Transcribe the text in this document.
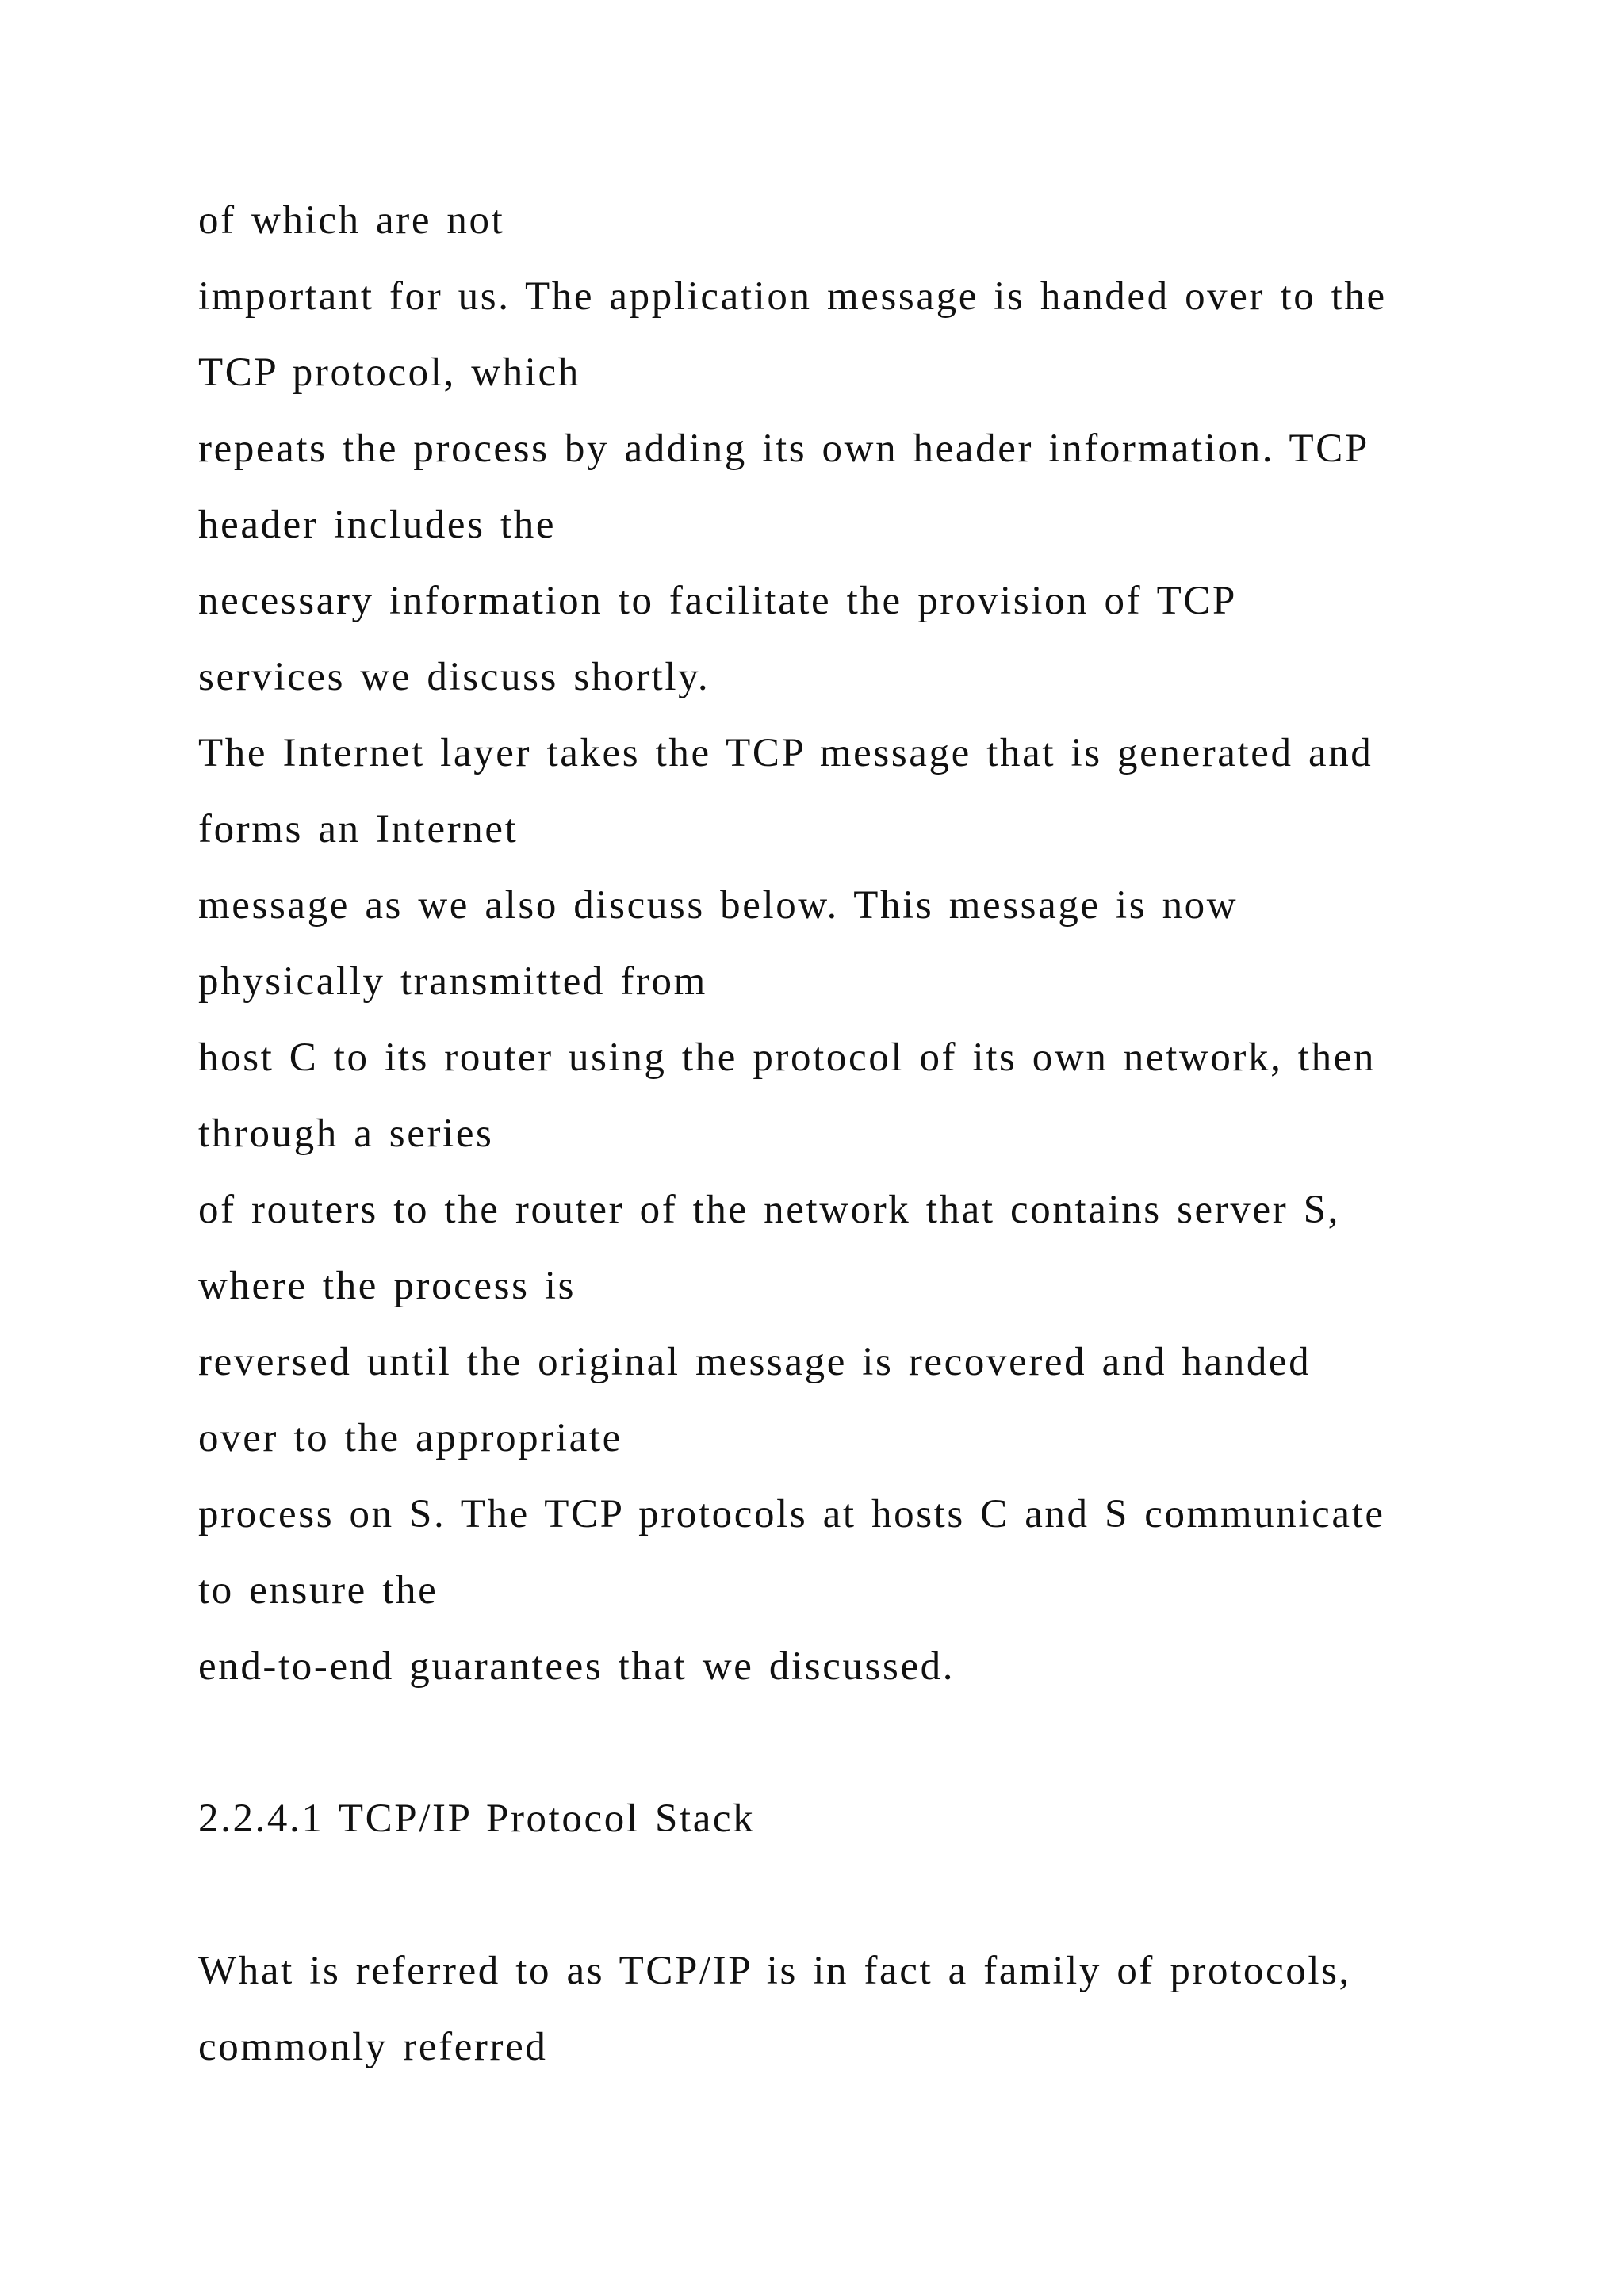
of which are not

important for us. The application message is handed over to the

TCP protocol, which

repeats the process by adding its own header information. TCP

header includes the

necessary information to facilitate the provision of TCP

services we discuss shortly.

The Internet layer takes the TCP message that is generated and

forms an Internet

message as we also discuss below. This message is now

physically transmitted from

host C to its router using the protocol of its own network, then

through a series

of routers to the router of the network that contains server S,

where the process is

reversed until the original message is recovered and handed

over to the appropriate

process on S. The TCP protocols at hosts C and S communicate

to ensure the

end-to-end guarantees that we discussed.

2.2.4.1 TCP/IP Protocol Stack

What is referred to as TCP/IP is in fact a family of protocols,

commonly referred
